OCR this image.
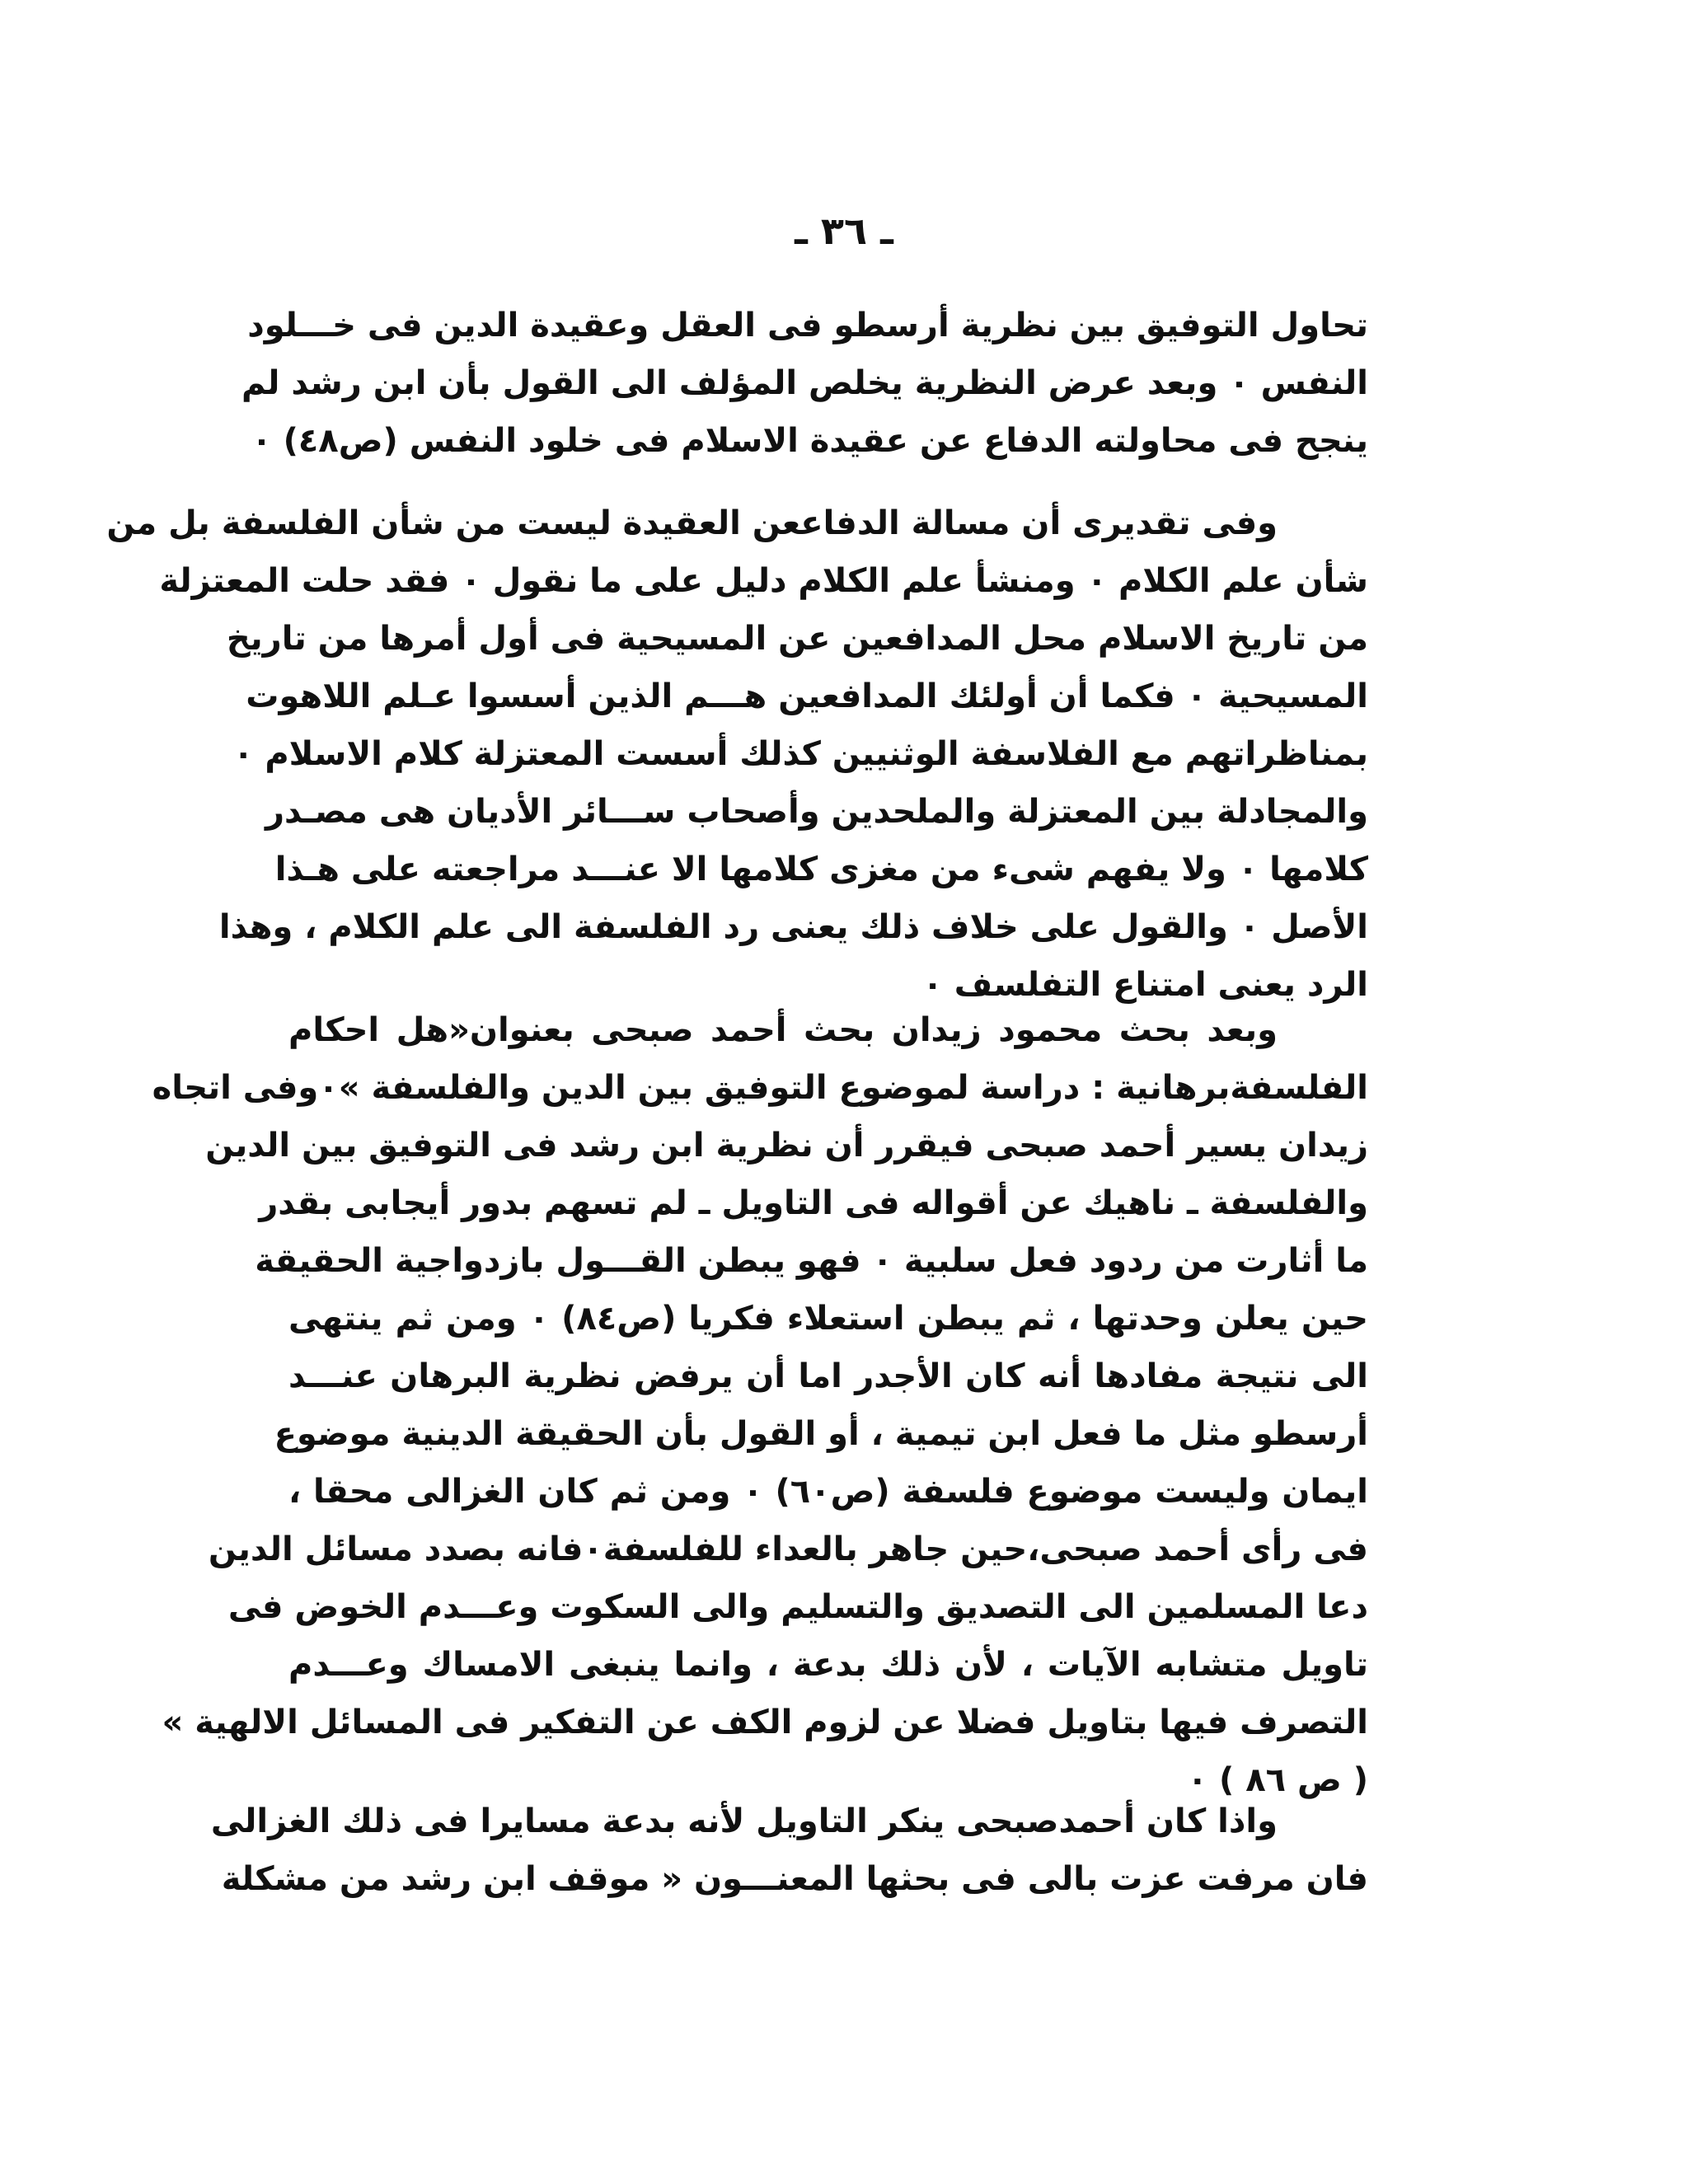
ـ ٣٦ ـ
تحاول التوفيق بين نظرية أرسطو فى العقل وعقيدة الدين فى خـــلود
النفس ٠ وبعد عرض النظرية يخلص المؤلف الى القول بأن ابن رشد لم
ينجح فى محاولته الدفاع عن عقيدة الاسلام فى خلود النفس (ص٤٨) ٠
وفى تقديرى أن مسالة الدفاععن العقيدة ليست من شأن الفلسفة بل من
شأن علم الكلام ٠ ومنشأ علم الكلام دليل على ما نقول ٠ فقد حلت المعتزلة
من تاريخ الاسلام محل المدافعين عن المسيحية فى أول أمرها من تاريخ
المسيحية ٠ فكما أن أولئك المدافعين هـــم الذين أسسوا عـلم اللاهوت
بمناظراتهم مع الفلاسفة الوثنيين كذلك أسست المعتزلة كلام الاسلام ٠
والمجادلة بين المعتزلة والملحدين وأصحاب ســـائر الأديان هى مصـدر
كلامها ٠ ولا يفهم شىء من مغزى كلامها الا عنـــد مراجعته على هـذا
الأصل ٠ والقول على خلاف ذلك يعنى رد الفلسفة الى علم الكلام ، وهذا
الرد يعنى امتناع التفلسف ٠
وبعد بحث محمود زيدان بحث أحمد صبحى بعنوان«هل احكام
الفلسفةبرهانية : دراسة لموضوع التوفيق بين الدين والفلسفة »٠وفى اتجاه
زيدان يسير أحمد صبحى فيقرر أن نظرية ابن رشد فى التوفيق بين الدين
والفلسفة ـ ناهيك عن أقواله فى التاويل ـ لم تسهم بدور أيجابى بقدر
ما أثارت من ردود فعل سلبية ٠ فهو يبطن القـــول بازدواجية الحقيقة
حين يعلن وحدتها ، ثم يبطن استعلاء فكريا (ص٨٤) ٠ ومن ثم ينتهى
الى نتيجة مفادها أنه كان الأجدر اما أن يرفض نظرية البرهان عنـــد
أرسطو مثل ما فعل ابن تيمية ، أو القول بأن الحقيقة الدينية موضوع
ايمان وليست موضوع فلسفة (ص٦٠) ٠ ومن ثم كان الغزالى محقا ،
فى رأى أحمد صبحى،حين جاهر بالعداء للفلسفة٠فانه بصدد مسائل الدين
دعا المسلمين الى التصديق والتسليم والى السكوت وعـــدم الخوض فى
تاويل متشابه الآيات ، لأن ذلك بدعة ، وانما ينبغى الامساك وعـــدم
التصرف فيها بتاويل فضلا عن لزوم الكف عن التفكير فى المسائل الالهية »
( ص ٨٦ ) ٠
واذا كان أحمدصبحى ينكر التاويل لأنه بدعة مسايرا فى ذلك الغزالى
فان مرفت عزت بالى فى بحثها المعنـــون « موقف ابن رشد من مشكلة
